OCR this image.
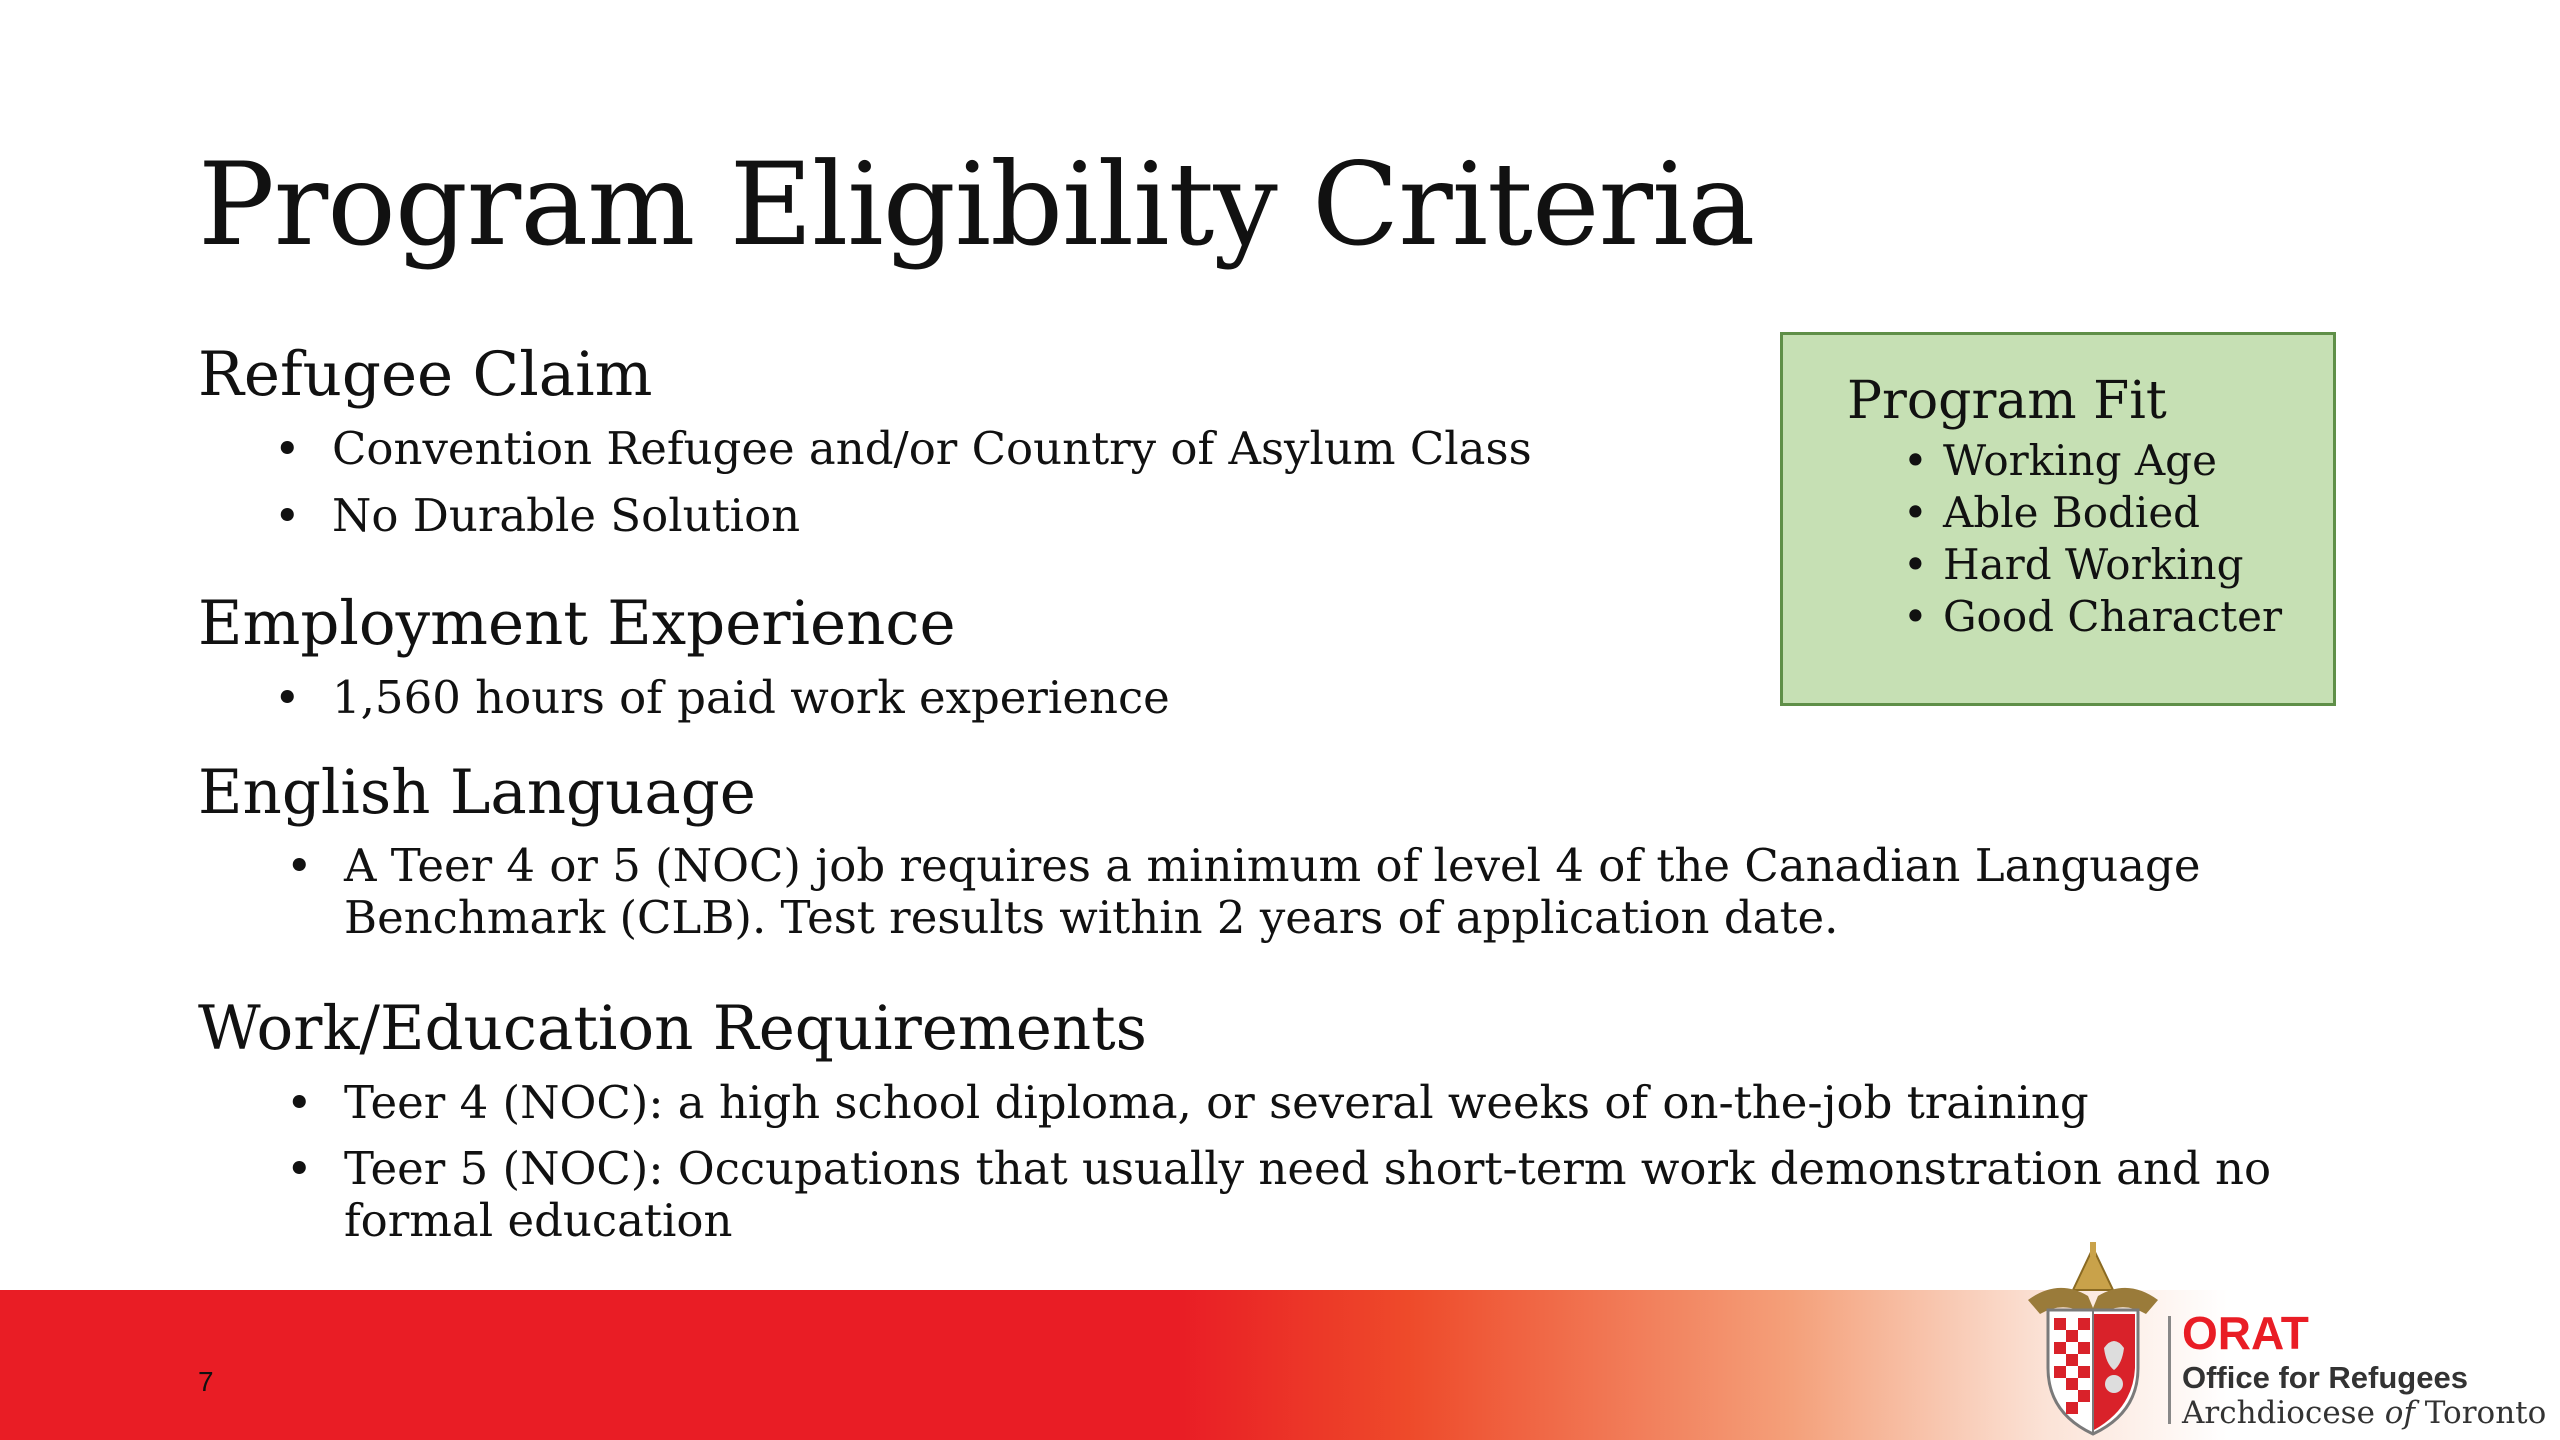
Program Eligibility Criteria
Refugee Claim
• Convention Refugee and/or Country of Asylum Class
• No Durable Solution
Employment Experience
• 1,560 hours of paid work experience
English Language
• A Teer 4 or 5 (NOC) job requires a minimum of level 4 of the Canadian Language Benchmark (CLB). Test results within 2 years of application date.
Work/Education Requirements
• Teer 4 (NOC): a high school diploma, or several weeks of on-the-job training
• Teer 5 (NOC): Occupations that usually need short-term work demonstration and no formal education
Program Fit
• Working Age
• Able Bodied
• Hard Working
• Good Character
7
ORAT
Office for Refugees
Archdiocese of Toronto
